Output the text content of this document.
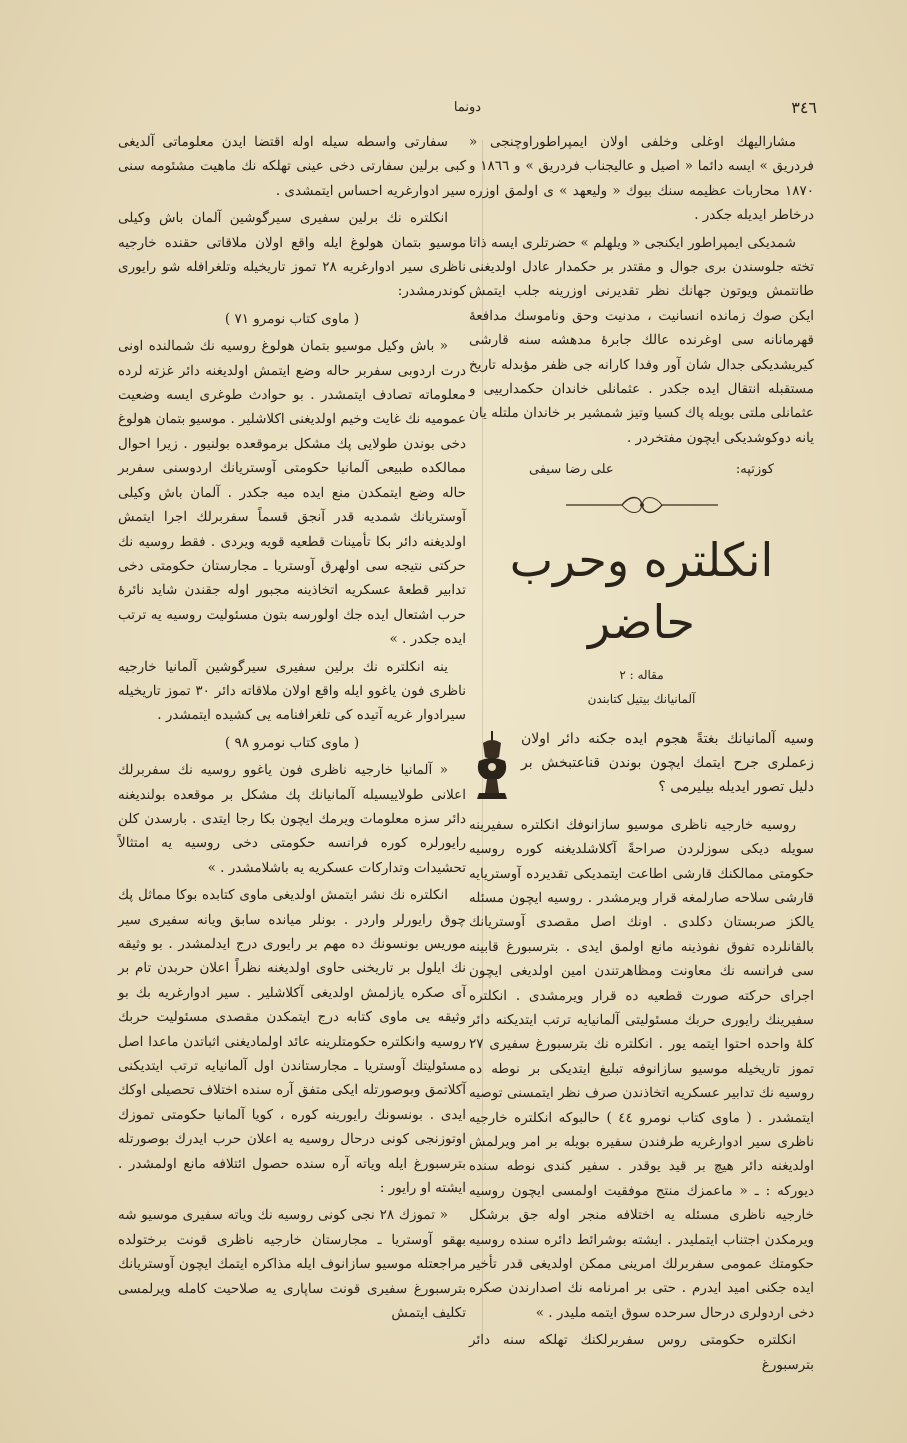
٣٤٦
دونما

مشارالیهك اوغلى وخلفى اولان ايمپراطوراوچنجى « فردریق » ایسه دائما « اصیل و عالیجناب فردریق » و ١٨٦٦ و ١٨٧٠ محاربات عظیمه سنك بيوك « وليعهد » ى اولمق اوزره درخاطر ایديله جكدر .

شمديكى ايمپراطور ايكنجى « ويلهلم » حضرتلرى ايسه ذاتا تخته جلوسندن برى جوال و مقتدر بر حكمدار عادل اولديغنى طانتمش ويوتون جهانك نظر تقديرنى اوزرينه جلب ايتمش ايكن صوك زمانده انسانيت ، مدنيت وحق وناموسك مدافعهٔ قهرمانانه سى اوغرنده عالك جابرهٔ مدهشه سنه قارشى كيريشديكى جدال شان آور وفدا كارانه جى ظفر مؤبدله تاريخ مستقبله انتقال ايده جكدر . عثمانلى خاندان حكمدارييى و عثمانلى ملتى بويله پاك كسيا وتيز شمشير بر خاندان ملتله يان يانه دوكوشديكى ايچون مفتخردر .

كوزتپه:
على رضا سيفى
انكلتره وحرب حاضر
مقاله : ٢
آلمانيانك بيتيل كتابندن
وسيه آلمانيانك بغتةً هجوم ايده جكنه دائر اولان زعملرى جرح ايتمك ايچون بوندن قناعتبخش بر دليل تصور ايديله بيليرمى ؟

روسيه خارجيه ناظرى موسيو سازانوفك انكلتره سفيرينه سويله ديكى سوزلردن صراحةً آكلاشلديغنه كوره روسيه حكومتى ممالكنك قارشى اطاعت ايتمديكى تقديرده آوستريايه قارشى سلاحه صارلمغه قرار ويرمشدر . روسيه ايچون مسئله يالكز صربستان دكلدى . اونك اصل مقصدى آوستريانك بالقانلرده تفوق نفوذينه مانع اولمق ايدى . بترسبورغ قابينه سى فرانسه نك معاونت ومظاهرتندن امين اولديغى ايچون اجراى حركته صورت قطعيه ده قرار ويرمشدى . انكلتره سفيرينك رايورى حربك مسئوليتى آلمانيايه ترتب ايتديكنه دائر كلهٔ واحده احتوا ايتمه يور . انكلتره نك بترسبورغ سفيرى ٢٧ تموز تاريخيله موسيو سازانوفه تبليغ ايتديكى بر نوطه ده روسيه نك تدابير عسكريه اتخاذندن صرف نظر ايتمسنى توصيه ايتمشدر . ( ماوى كتاب نومرو ٤٤ ) حالبوكه انكلتره خارجيه ناظرى سير ادوارغريه طرفندن سفيره بويله بر امر ويرلمش اولديغنه دائر هيچ بر قيد يوقدر . سفير كندى نوطه سنده ديوركه : ـ « ماعمزك منتج موفقيت اولمسى ايچون روسيه خارجيه ناظرى مسئله يه اختلافه منجر اوله جق برشكل ويرمكدن اجتناب ايتمليدر . ايشته بوشرائط دائره سنده روسيه حكومتك عمومى سفربرلك امرينى ممكن اولديغى قدر تأخير ايده جكنى اميد ايدرم . حتى بر امرنامه نك اصدارندن صكره دخى اردولرى درحال سرحده سوق ايتمه مليدر . »

انكلتره حكومتى روس سفربرلكنك تهلكه سنه دائر بترسبورغ

سفارتى واسطه سيله اوله اقتضا ايدن معلوماتى آلديغى كبى برلين سفارتى دخى عينى تهلكه نك ماهيت مشئومه سنى سير ادوارغريه احساس ايتمشدى .

انكلتره نك برلين سفيرى سيرگوشين آلمان باش وكيلى موسيو بتمان هولوغ ايله واقع اولان ملاقاتى حقنده خارجيه ناظرى سير ادوارغريه ٢٨ تموز تاريخيله وتلغرافله شو رايورى كوندرمشدر:

( ماوى كتاب نومرو ٧١ )

« باش وكيل موسيو بتمان هولوغ روسيه نك شمالنده اونى درت اردوبى سفربر حاله وضع ايتمش اولديغنه دائر غزته لرده معلوماته تصادف ايتمشدر . بو حوادث طوغرى ايسه وضعيت عموميه نك غايت وخيم اولديغنى اكلاشلير . موسيو بتمان هولوغ دخى بوندن طولايى پك مشكل برموقعده بولنيور . زيرا احوال ممالكده طبيعى آلمانيا حكومتى آوستريانك اردوسنى سفربر حاله وضع ايتمكدن منع ايده ميه جكدر . آلمان باش وكيلى آوستريانك شمديه قدر آنجق قسماً سفربرلك اجرا ايتمش اولديغنه دائر بكا تأمينات قطعيه قويه ويردى . فقط روسيه نك حركتى نتيجه سى اولهرق آوستريا ـ مجارستان حكومتى دخى تدابير قطعهٔ عسكريه اتخاذينه مجبور اوله جقندن شايد نائرهٔ حرب اشتعال ايده جك اولورسه بتون مسئوليت روسيه يه ترتب ايده جكدر . »

ينه انكلتره نك برلين سفيرى سيرگوشين آلمانيا خارجيه ناظرى فون ياغوو ايله واقع اولان ملاقاته دائر ٣٠ تموز تاريخيله سيرادوار غريه آتيده كى تلغرافنامه يى كشيده ايتمشدر .

( ماوى كتاب نومرو ٩٨ )

« آلمانيا خارجيه ناظرى فون ياغوو روسيه نك سفربرلك اعلانى طولاييسيله آلمانيانك پك مشكل بر موقعده بولنديغنه دائر سزه معلومات ويرمك ايچون بكا رجا ايتدى . بارسدن كلن رايورلره كوره فرانسه حكومتى دخى روسيه يه امتثالاً تحشيدات وتداركات عسكريه يه باشلامشدر . »

انكلتره نك نشر ايتمش اولديغى ماوى كتابده بوكا مماثل پك چوق رايورلر واردر . بونلر ميانده سابق ويانه سفيرى سير موريس بونسونك ده مهم بر رايورى درج ايدلمشدر . بو وثيقه نك ايلول بر تاريخنى حاوى اولديغنه نظراً اعلان حربدن تام بر آى صكره يازلمش اولديغى آكلاشلير . سير ادوارغريه بك بو وثيقه يى ماوى كتابه درج ايتمكدن مقصدى مسئوليت حربك روسيه وانكلتره حكومتلرينه عائد اولماديغنى اثباتدن ماعدا اصل مسئوليتك آوستريا ـ مجارستاندن اول آلمانيايه ترتب ايتديكنى آكلاتمق وبوصورتله ايكى متفق آره سنده اختلاف تحصيلى اوكك ايدى . بونسونك رايورينه كوره ، كويا آلمانيا حكومتى تموزك اوتوزنجى كونى درحال روسيه يه اعلان حرب ايدرك بوصورتله بترسبورغ ايله وياته آره سنده حصول ائتلافه مانع اولمشدر . ايشته او رايور :

« تموزك ٢٨ نجى كونى روسيه نك وياته سفيرى موسيو شه بهقو آوستريا ـ مجارستان خارجيه ناظرى قونت برختولده مراجعتله موسيو سازانوف ايله مذاكره ايتمك ايچون آوستريانك بترسبورغ سفيرى قونت ساپارى يه صلاحيت كامله ويرلمسى تكليف ايتمش
